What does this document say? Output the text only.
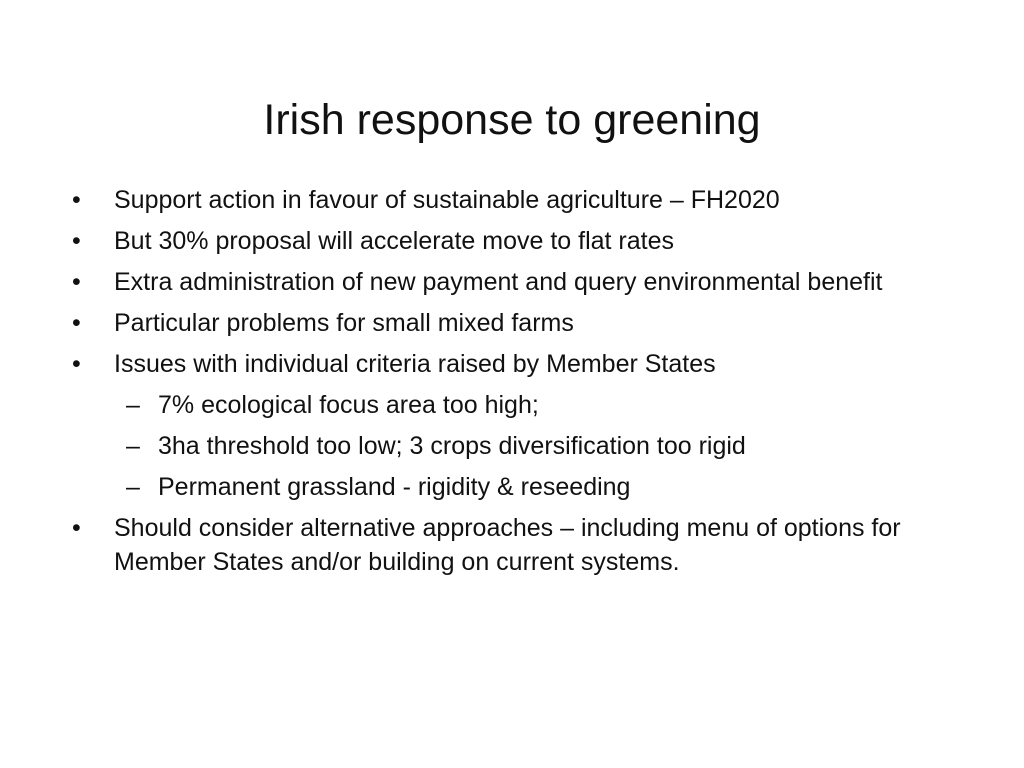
Irish response to greening
•	Support action in favour of sustainable agriculture – FH2020
•	But 30% proposal will accelerate move to flat rates
•	Extra administration of new payment and query environmental benefit
•	Particular problems for small mixed farms
•	Issues with individual criteria raised by Member States
– 7% ecological focus area too high;
– 3ha threshold too low; 3 crops diversification too rigid
– Permanent grassland - rigidity & reseeding
•	Should consider alternative approaches – including menu of options for Member States and/or building on current systems.
